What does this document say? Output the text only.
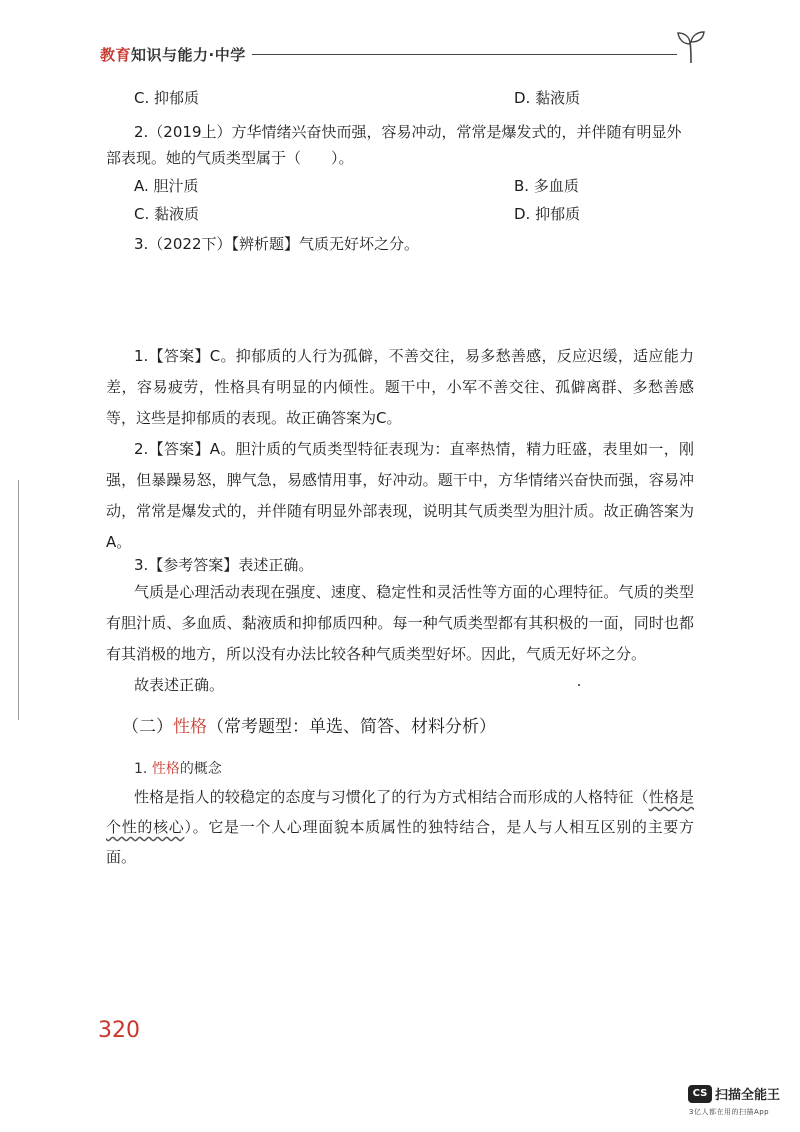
教育知识与能力·中学
C. 抑郁质	D. 黏液质
2.（2019上）方华情绪兴奋快而强，容易冲动，常常是爆发式的，并伴随有明显外
部表现。她的气质类型属于（　　）。
A. 胆汁质	B. 多血质
C. 黏液质	D. 抑郁质
3.（2022下）【辨析题】气质无好坏之分。
1.【答案】C。抑郁质的人行为孤僻，不善交往，易多愁善感，反应迟缓，适应能力差，容易疲劳，性格具有明显的内倾性。题干中，小军不善交往、孤僻离群、多愁善感等，这些是抑郁质的表现。故正确答案为C。
2.【答案】A。胆汁质的气质类型特征表现为：直率热情，精力旺盛，表里如一，刚强，但暴躁易怒，脾气急，易感情用事，好冲动。题干中，方华情绪兴奋快而强，容易冲动，常常是爆发式的，并伴随有明显外部表现，说明其气质类型为胆汁质。故正确答案为A。
3.【参考答案】表述正确。
气质是心理活动表现在强度、速度、稳定性和灵活性等方面的心理特征。气质的类型有胆汁质、多血质、黏液质和抑郁质四种。每一种气质类型都有其积极的一面，同时也都有其消极的地方，所以没有办法比较各种气质类型好坏。因此，气质无好坏之分。
故表述正确。
（二）性格（常考题型：单选、简答、材料分析）
1. 性格的概念
性格是指人的较稳定的态度与习惯化了的行为方式相结合而形成的人格特征（性格是个性的核心）。它是一个人心理面貌本质属性的独特结合，是人与人相互区别的主要方面。
320
CS 扫描全能王
3亿人都在用的扫描App
